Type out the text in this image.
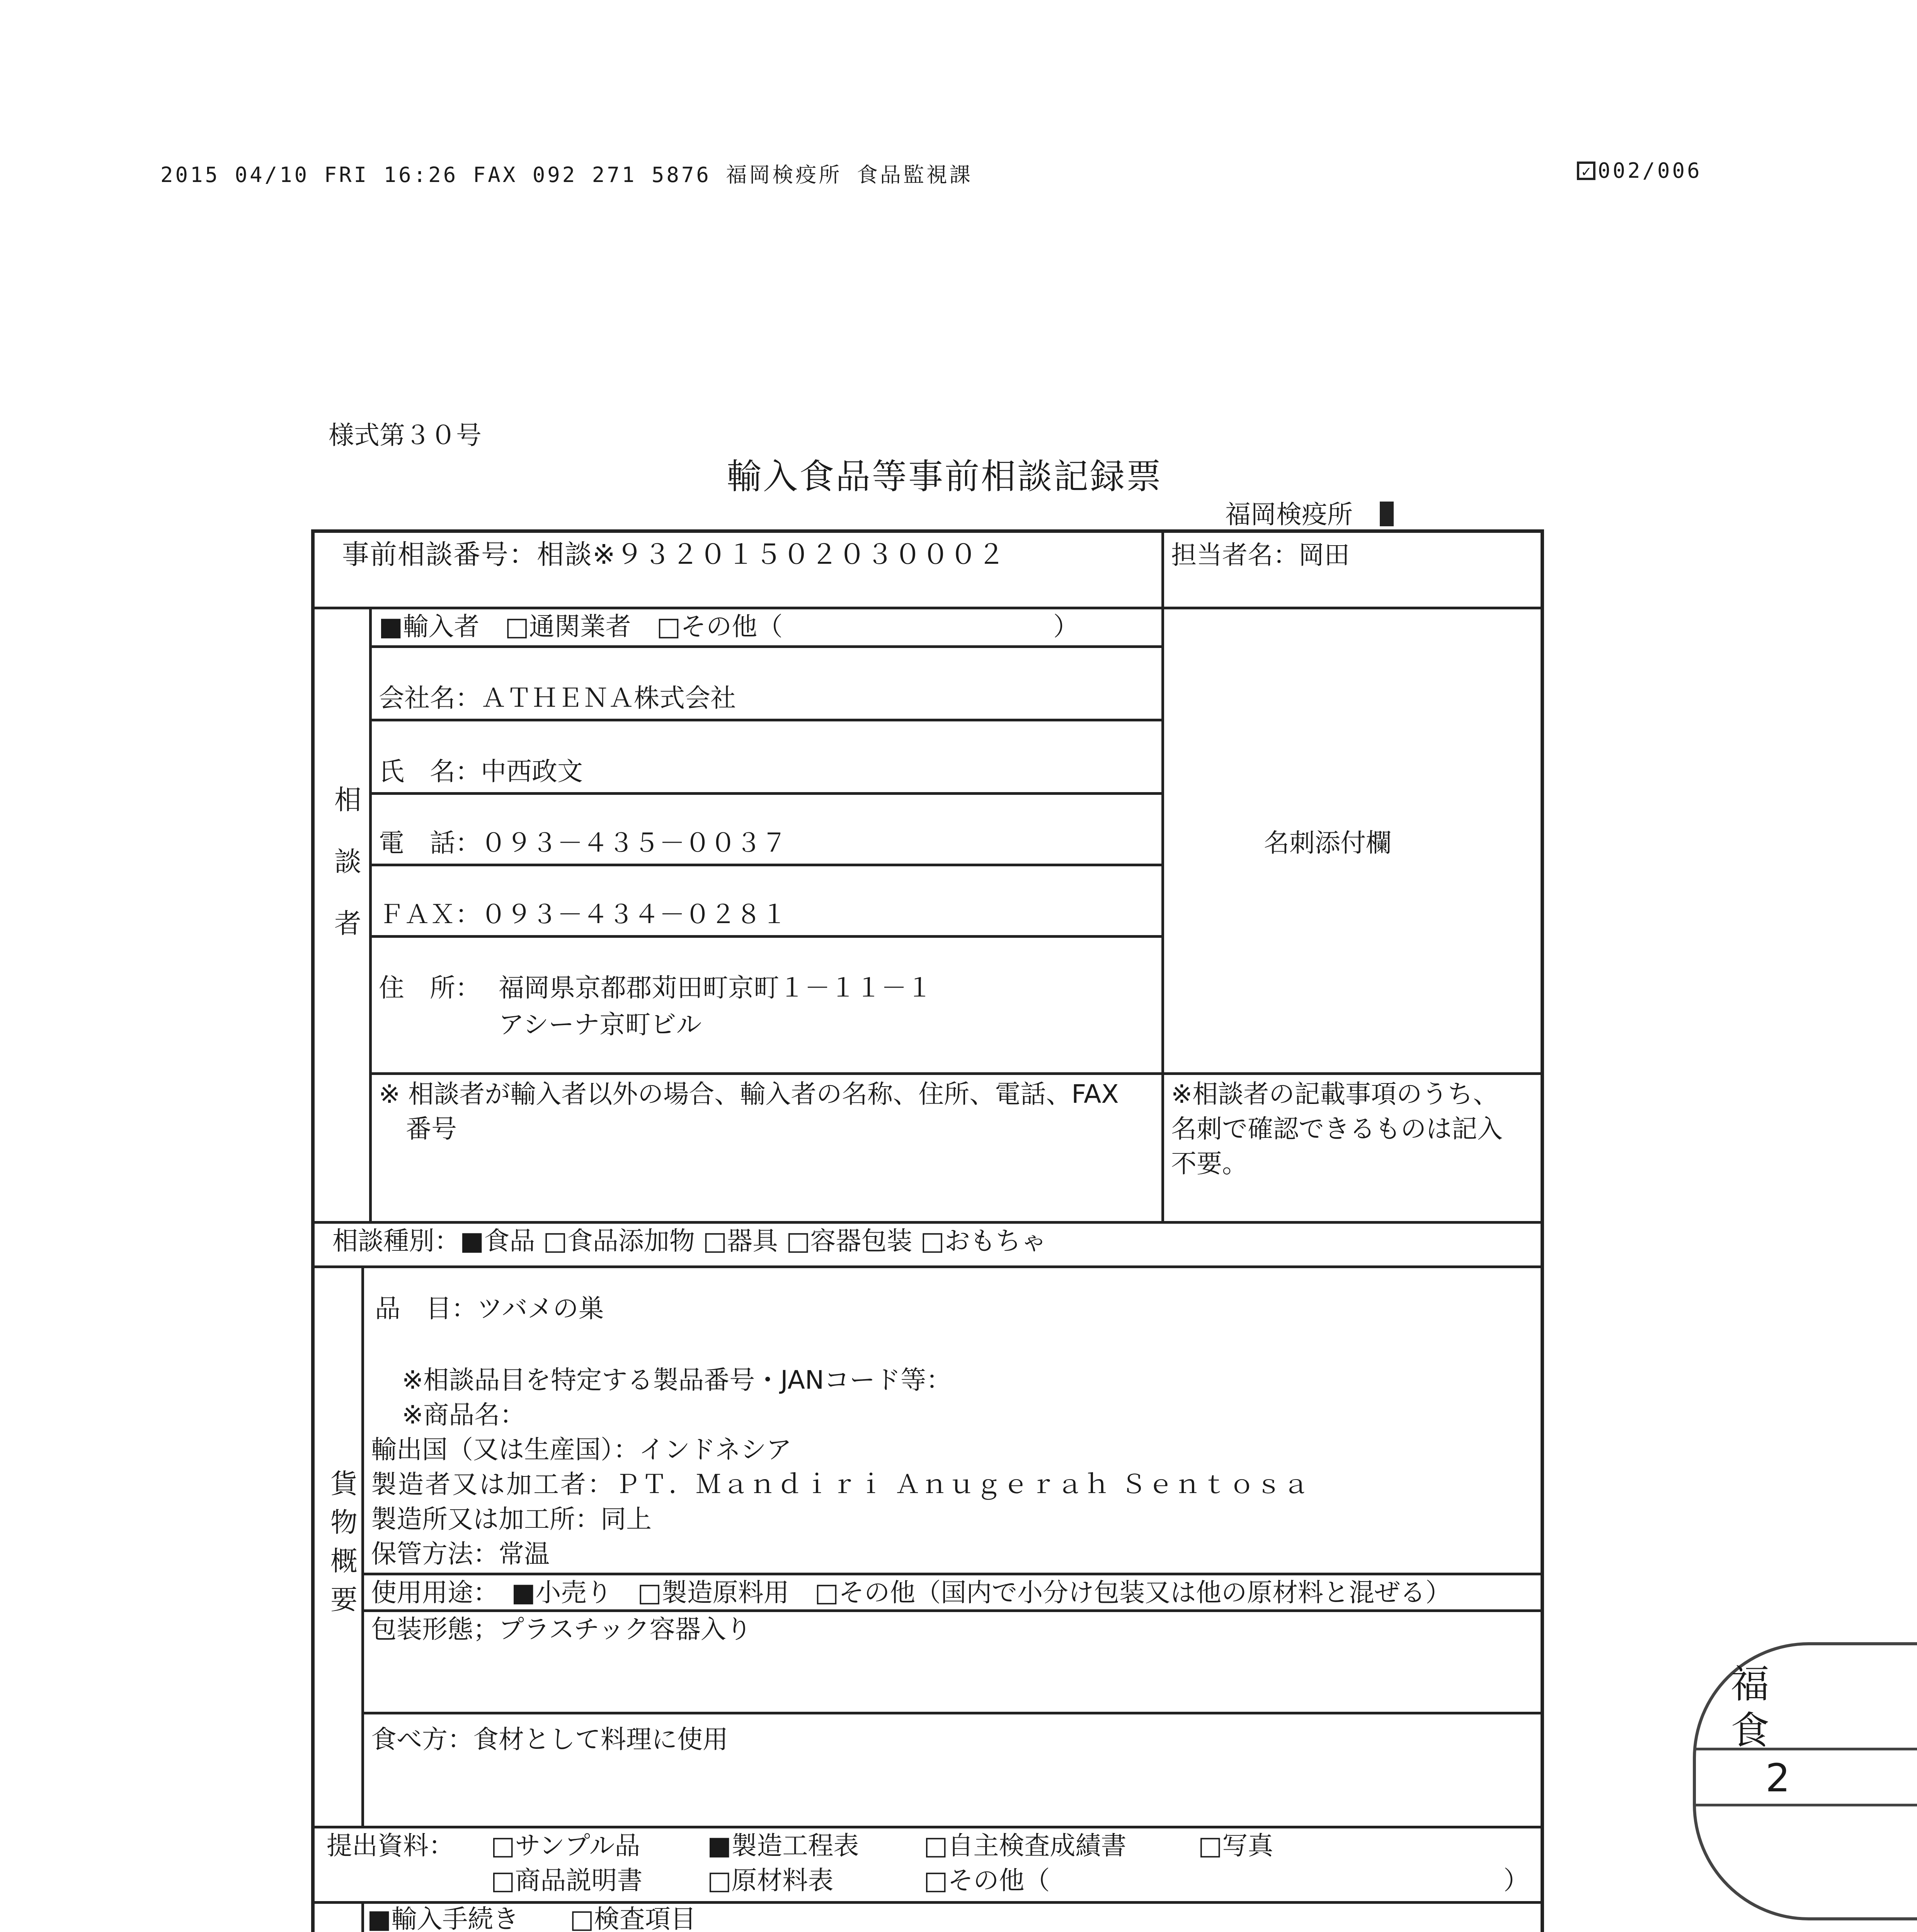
2015 04/10 FRI 16:26 FAX 092 271 5876 福岡検疫所 食品監視課	✓ 002/006
様式第３０号
輸入食品等事前相談記録票
福岡検疫所
事前相談番号：相談※９３２０１５０２０３０００２	担当者名：岡田
相
談
者
■輸入者　□通関業者　□その他（	）
会社名：ＡＴＨＥＮＡ株式会社
氏　名：中西政文
電　話：０９３－４３５－００３７
ＦＡＸ：０９３－４３４－０２８１
住　所： 福岡県京都郡苅田町京町１－１１－１
アシーナ京町ビル
※ 相談者が輸入者以外の場合、輸入者の名称、住所、電話、FAX
番号
名刺添付欄
※相談者の記載事項のうち、
名刺で確認できるものは記入
不要。
相談種別：■食品 □食品添加物 □器具 □容器包装 □おもちゃ
貨
物
概
要
品　目：ツバメの巣
※相談品目を特定する製品番号・JANコード等：
※商品名：
輸出国（又は生産国）：インドネシア
製造者又は加工者：ＰＴ．Ｍａｎｄｉｒｉ Ａｎｕｇｅｒａｈ Ｓｅｎｔｏｓａ
製造所又は加工所：同上
保管方法：常温
使用用途：　■小売り　□製造原料用　□その他（国内で小分け包装又は他の原材料と混ぜる）
包装形態；プラスチック容器入り
食べ方：食材として料理に使用
提出資料： □サンプル品	■製造工程表	□自主検査成績書	□写真
□商品説明書	□原材料表	□その他（	）
■輸入手続き　　□検査項目
福
食
2
